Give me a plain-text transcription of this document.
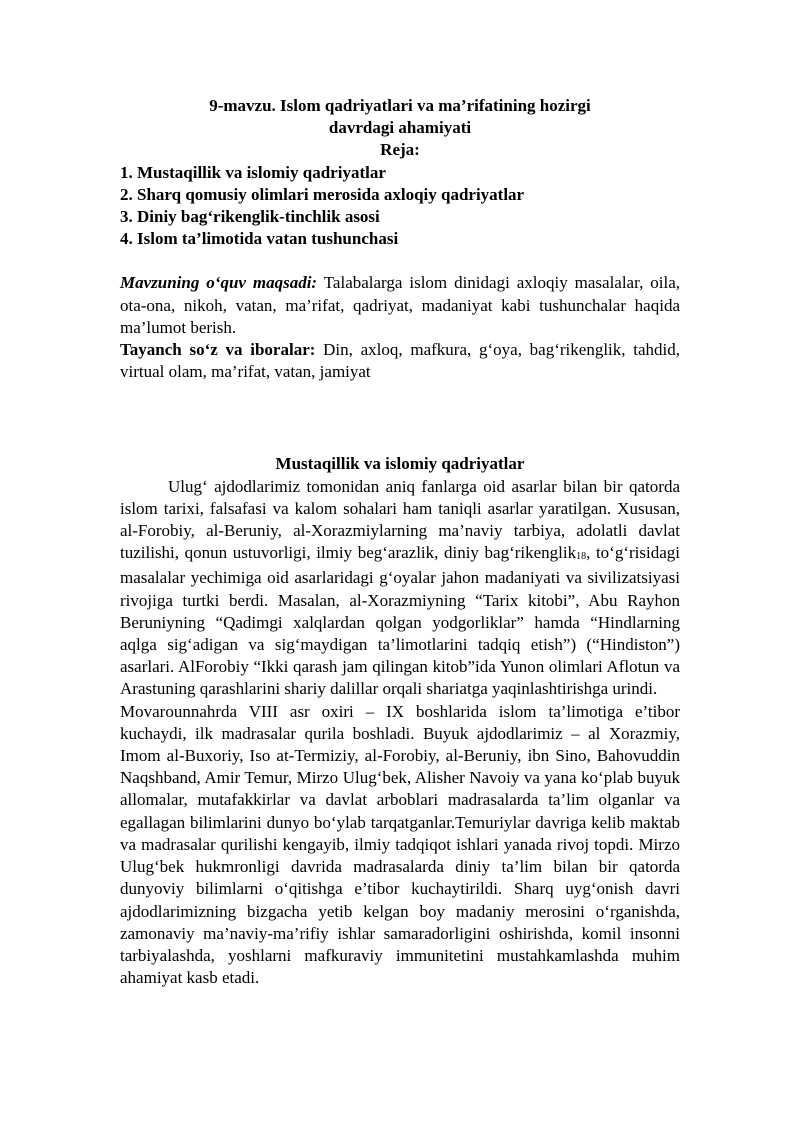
9-mavzu. Islom qadriyatlari va ma’rifatining hozirgi
davrdagi ahamiyati
Reja:
1. Mustaqillik va islomiy qadriyatlar
2. Sharq qomusiy olimlari merosida axloqiy qadriyatlar
3. Diniy bag‘rikenglik-tinchlik asosi
4. Islom ta’limotida vatan tushunchasi

Mavzuning o‘quv maqsadi: Talabalarga islom dinidagi axloqiy masalalar, oila, ota-ona, nikoh, vatan, ma’rifat, qadriyat, madaniyat kabi tushunchalar haqida ma’lumot berish.

Tayanch so‘z va iboralar: Din, axloq, mafkura, g‘oya, bag‘rikenglik, tahdid, virtual olam, ma’rifat, vatan, jamiyat

Mustaqillik va islomiy qadriyatlar

Ulug‘ ajdodlarimiz tomonidan aniq fanlarga oid asarlar bilan bir qatorda islom tarixi, falsafasi va kalom sohalari ham taniqli asarlar yaratilgan. Xususan, al-Forobiy, al-Beruniy, al-Xorazmiylarning ma’naviy tarbiya, adolatli davlat tuzilishi, qonun ustuvorligi, ilmiy beg‘arazlik, diniy bag‘rikenglik$_{18}$, to‘g‘risidagi masalalar yechimiga oid asarlaridagi g‘oyalar jahon madaniyati va sivilizatsiyasi rivojiga turtki berdi. Masalan, al-Xorazmiyning “Tarix kitobi”, Abu Rayhon Beruniyning “Qadimgi xalqlardan qolgan yodgorliklar” hamda “Hindlarning aqlga sig‘adigan va sig‘maydigan ta’limotlarini tadqiq etish”) (“Hindiston”) asarlari. AlForobiy “Ikki qarash jam qilingan kitob”ida Yunon olimlari Aflotun va Arastuning qarashlarini shariy dalillar orqali shariatga yaqinlashtirishga urindi.

Movarounnahrda VIII asr oxiri – IX boshlarida islom ta’limotiga e’tibor kuchaydi, ilk madrasalar qurila boshladi. Buyuk ajdodlarimiz – al Xorazmiy, Imom al-Buxoriy, Iso at-Termiziy, al-Forobiy, al-Beruniy, ibn Sino, Bahovuddin Naqshband, Amir Temur, Mirzo Ulug‘bek, Alisher Navoiy va yana ko‘plab buyuk allomalar, mutafakkirlar va davlat arboblari madrasalarda ta’lim olganlar va egallagan bilimlarini dunyo bo‘ylab tarqatganlar.Temuriylar davriga kelib maktab va madrasalar qurilishi kengayib, ilmiy tadqiqot ishlari yanada rivoj topdi. Mirzo Ulug‘bek hukmronligi davrida madrasalarda diniy ta’lim bilan bir qatorda dunyoviy bilimlarni o‘qitishga e’tibor kuchaytirildi. Sharq uyg‘onish davri ajdodlarimizning bizgacha yetib kelgan boy madaniy merosini o‘rganishda, zamonaviy ma’naviy-ma’rifiy ishlar samaradorligini oshirishda, komil insonni tarbiyalashda, yoshlarni mafkuraviy immunitetini mustahkamlashda muhim ahamiyat kasb etadi.
